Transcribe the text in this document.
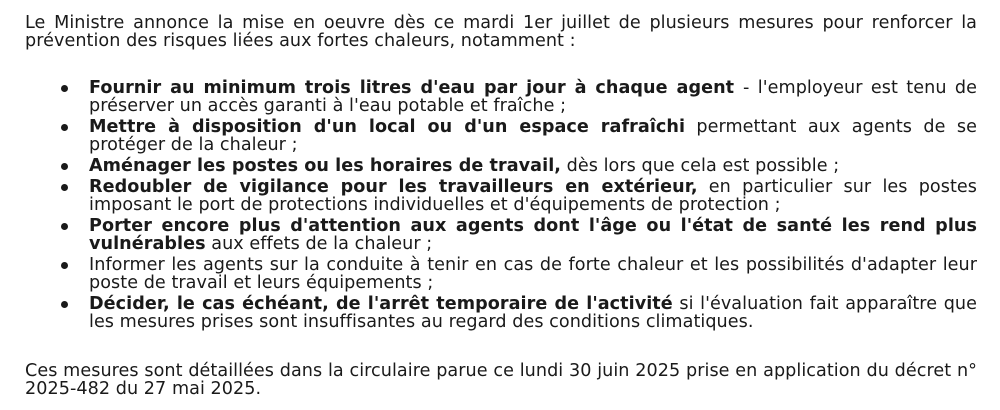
Le Ministre annonce la mise en oeuvre dès ce mardi 1er juillet de plusieurs mesures pour renforcer la prévention des risques liées aux fortes chaleurs, notamment :

Fournir au minimum trois litres d'eau par jour à chaque agent - l'employeur est tenu de préserver un accès garanti à l'eau potable et fraîche ;
Mettre à disposition d'un local ou d'un espace rafraîchi permettant aux agents de se protéger de la chaleur ;
Aménager les postes ou les horaires de travail, dès lors que cela est possible ;
Redoubler de vigilance pour les travailleurs en extérieur, en particulier sur les postes imposant le port de protections individuelles et d'équipements de protection ;
Porter encore plus d'attention aux agents dont l'âge ou l'état de santé les rend plus vulnérables aux effets de la chaleur ;
Informer les agents sur la conduite à tenir en cas de forte chaleur et les possibilités d'adapter leur poste de travail et leurs équipements ;
Décider, le cas échéant, de l'arrêt temporaire de l'activité si l'évaluation fait apparaître que les mesures prises sont insuffisantes au regard des conditions climatiques.

Ces mesures sont détaillées dans la circulaire parue ce lundi 30 juin 2025 prise en application du décret n° 2025-482 du 27 mai 2025.
